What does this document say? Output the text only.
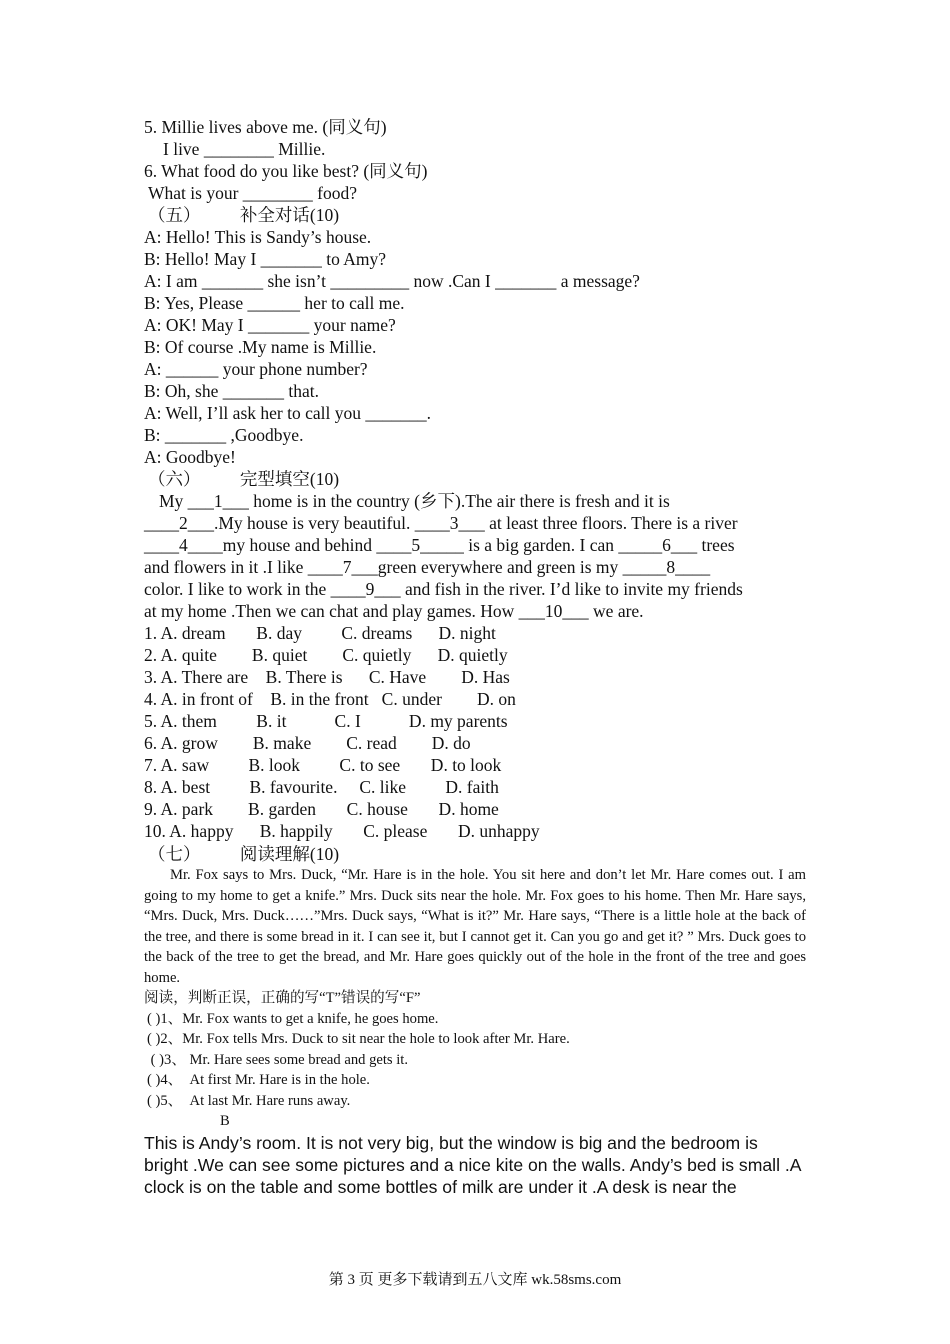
5. Millie lives above me. (同义句)
I live ________ Millie.
6. What food do you like best? (同义句)
What is your ________ food?
（五）         补全对话(10)
A: Hello! This is Sandy’s house.
B: Hello! May I _______ to Amy?
A: I am _______ she isn’t _________ now .Can I _______ a message?
B: Yes, Please ______ her to call me.
A: OK! May I _______ your name?
B: Of course .My name is Millie.
A: ______ your phone number?
B: Oh, she _______ that.
A: Well, I’ll ask her to call you _______.
B: _______ ,Goodbye.
A: Goodbye!
（六）         完型填空(10)
My ___1___ home is in the country (乡下).The air there is fresh and it is
____2___.My house is very beautiful. ____3___ at least three floors. There is a river
____4____my house and behind ____5_____ is a big garden. I can _____6___ trees
and flowers in it .I like ____7___green everywhere and green is my _____8____
color. I like to work in the ____9___ and fish in the river. I’d like to invite my friends
at my home .Then we can chat and play games. How ___10___ we are.
1. A. dream       B. day         C. dreams      D. night
2. A. quite        B. quiet        C. quietly      D. quietly
3. A. There are    B. There is      C. Have        D. Has
4. A. in front of    B. in the front   C. under        D. on
5. A. them         B. it           C. I           D. my parents
6. A. grow        B. make        C. read        D. do
7. A. saw         B. look         C. to see       D. to look
8. A. best         B. favourite.     C. like         D. faith
9. A. park        B. garden       C. house       D. home
10. A. happy      B. happily       C. please       D. unhappy
（七）         阅读理解(10)
Mr. Fox says to Mrs. Duck, “Mr. Hare is in the hole. You sit here and don’t let Mr. Hare comes out. I am going to my home to get a knife.” Mrs. Duck sits near the hole. Mr. Fox goes to his home. Then Mr. Hare says, “Mrs. Duck, Mrs. Duck……”Mrs. Duck says, “What is it?” Mr. Hare says, “There is a little hole at the back of the tree, and there is some bread in it. I can see it, but I cannot get it. Can you go and get it? ” Mrs. Duck goes to the back of the tree to get the bread, and Mr. Hare goes quickly out of the hole in the front of the tree and goes home.
阅读，判断正误，正确的写“T”错误的写“F”
( )1、Mr. Fox wants to get a knife, he goes home.
( )2、Mr. Fox tells Mrs. Duck to sit near the hole to look after Mr. Hare.
( )3、 Mr. Hare sees some bread and gets it.
( )4、  At first Mr. Hare is in the hole.
( )5、  At last Mr. Hare runs away.
B
This is Andy’s room. It is not very big, but the window is big and the bedroom is bright .We can see some pictures and a nice kite on the walls. Andy’s bed is small .A clock is on the table and some bottles of milk are under it .A desk is near the
第 3 页 更多下载请到五八文库 wk.58sms.com
